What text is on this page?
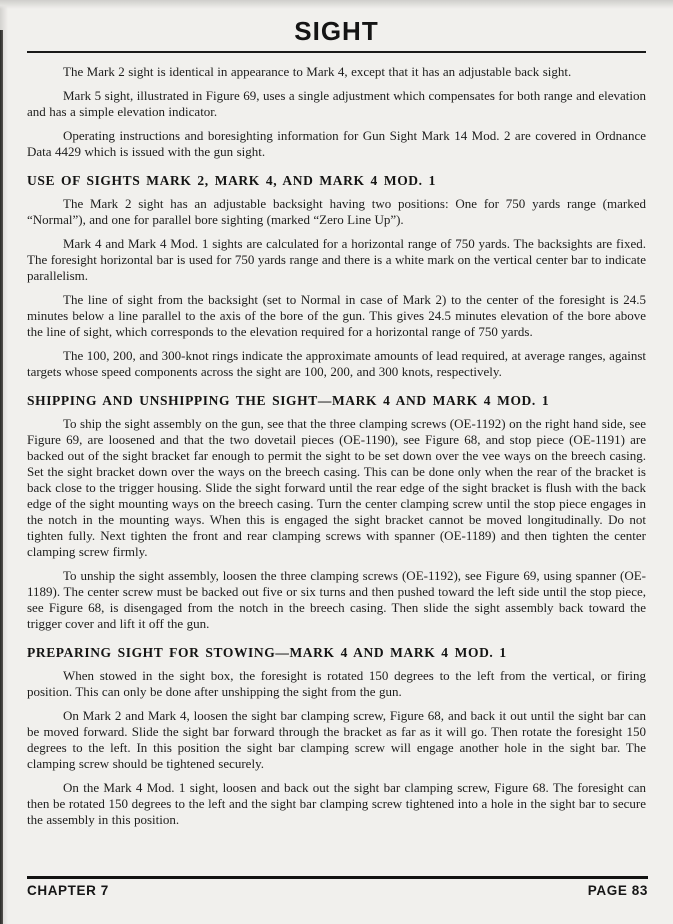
SIGHT

The Mark 2 sight is identical in appearance to Mark 4, except that it has an adjustable back sight.

Mark 5 sight, illustrated in Figure 69, uses a single adjustment which compensates for both range and elevation and has a simple elevation indicator.

Operating instructions and boresighting information for Gun Sight Mark 14 Mod. 2 are covered in Ordnance Data 4429 which is issued with the gun sight.

USE OF SIGHTS MARK 2, MARK 4, AND MARK 4 MOD. 1

The Mark 2 sight has an adjustable backsight having two positions: One for 750 yards range (marked “Normal”), and one for parallel bore sighting (marked “Zero Line Up”).

Mark 4 and Mark 4 Mod. 1 sights are calculated for a horizontal range of 750 yards. The backsights are fixed. The foresight horizontal bar is used for 750 yards range and there is a white mark on the vertical center bar to indicate parallelism.

The line of sight from the backsight (set to Normal in case of Mark 2) to the center of the foresight is 24.5 minutes below a line parallel to the axis of the bore of the gun. This gives 24.5 minutes elevation of the bore above the line of sight, which corresponds to the elevation required for a horizontal range of 750 yards.

The 100, 200, and 300-knot rings indicate the approximate amounts of lead required, at average ranges, against targets whose speed components across the sight are 100, 200, and 300 knots, respectively.

SHIPPING AND UNSHIPPING THE SIGHT—MARK 4 AND MARK 4 MOD. 1

To ship the sight assembly on the gun, see that the three clamping screws (OE-1192) on the right hand side, see Figure 69, are loosened and that the two dovetail pieces (OE-1190), see Figure 68, and stop piece (OE-1191) are backed out of the sight bracket far enough to permit the sight to be set down over the vee ways on the breech casing. Set the sight bracket down over the ways on the breech casing. This can be done only when the rear of the bracket is back close to the trigger housing. Slide the sight forward until the rear edge of the sight bracket is flush with the back edge of the sight mounting ways on the breech casing. Turn the center clamping screw until the stop piece engages in the notch in the mounting ways. When this is engaged the sight bracket cannot be moved longitudinally. Do not tighten fully. Next tighten the front and rear clamping screws with spanner (OE-1189) and then tighten the center clamping screw firmly.

To unship the sight assembly, loosen the three clamping screws (OE-1192), see Figure 69, using spanner (OE-1189). The center screw must be backed out five or six turns and then pushed toward the left side until the stop piece, see Figure 68, is disengaged from the notch in the breech casing. Then slide the sight assembly back toward the trigger cover and lift it off the gun.

PREPARING SIGHT FOR STOWING—MARK 4 AND MARK 4 MOD. 1

When stowed in the sight box, the foresight is rotated 150 degrees to the left from the vertical, or firing position. This can only be done after unshipping the sight from the gun.

On Mark 2 and Mark 4, loosen the sight bar clamping screw, Figure 68, and back it out until the sight bar can be moved forward. Slide the sight bar forward through the bracket as far as it will go. Then rotate the foresight 150 degrees to the left. In this position the sight bar clamping screw will engage another hole in the sight bar. The clamping screw should be tightened securely.

On the Mark 4 Mod. 1 sight, loosen and back out the sight bar clamping screw, Figure 68. The foresight can then be rotated 150 degrees to the left and the sight bar clamping screw tightened into a hole in the sight bar to secure the assembly in this position.

CHAPTER 7	PAGE 83
